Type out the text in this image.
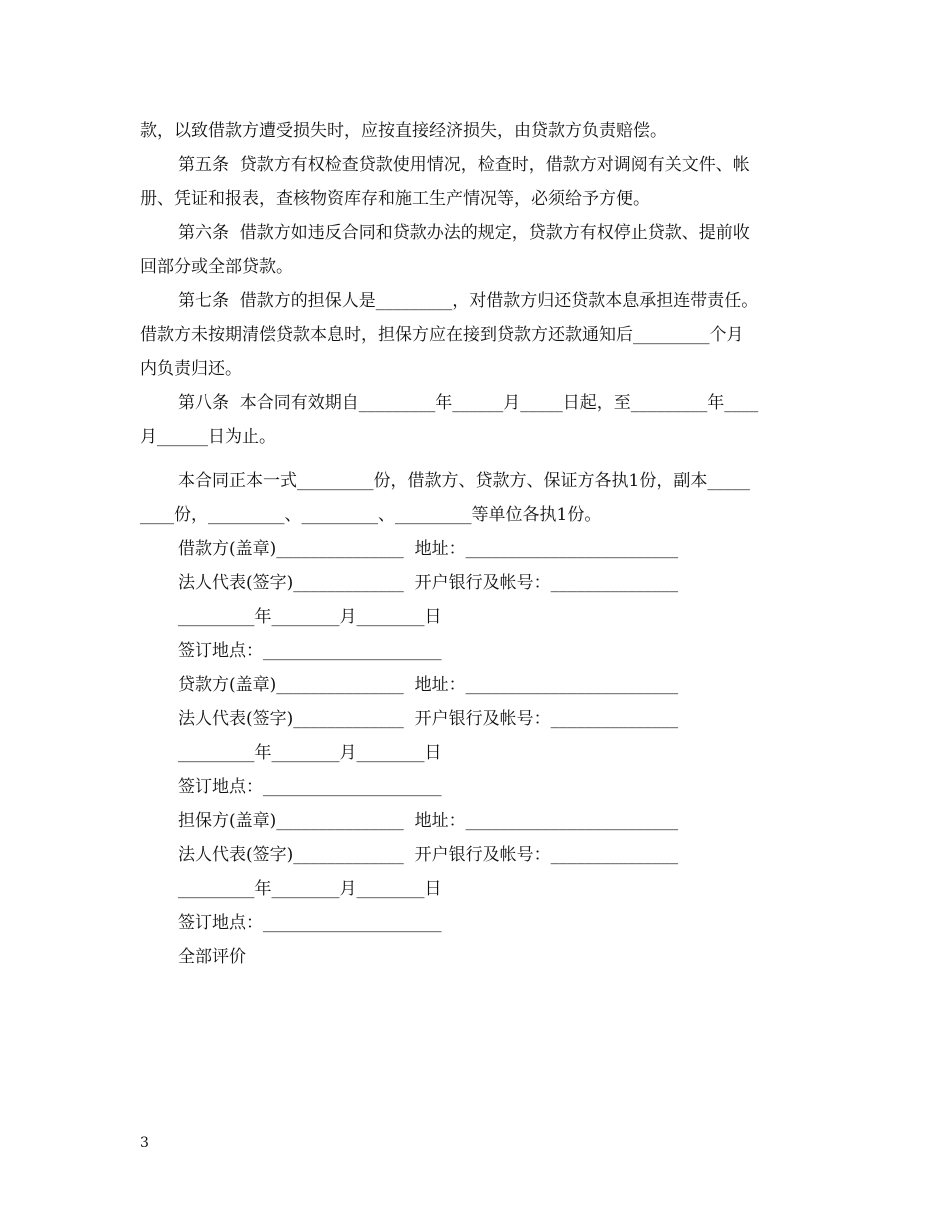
款，以致借款方遭受损失时，应按直接经济损失，由贷款方负责赔偿。
第五条  贷款方有权检查贷款使用情况，检查时，借款方对调阅有关文件、帐
册、凭证和报表，查核物资库存和施工生产情况等，必须给予方便。
第六条  借款方如违反合同和贷款办法的规定，贷款方有权停止贷款、提前收
回部分或全部贷款。
第七条  借款方的担保人是_________，对借款方归还贷款本息承担连带责任。
借款方未按期清偿贷款本息时，担保方应在接到贷款方还款通知后_________个月
内负责归还。
第八条  本合同有效期自_________年______月_____日起，至_________年____
月______日为止。
本合同正本一式_________份，借款方、贷款方、保证方各执1份，副本_____
____份，_________、_________、_________等单位各执1份。
借款方(盖章)_______________  地址：_________________________
法人代表(签字)_____________  开户银行及帐号：_______________
_________年________月________日
签订地点：_____________________
贷款方(盖章)_______________  地址：_________________________
法人代表(签字)_____________  开户银行及帐号：_______________
_________年________月________日
签订地点：_____________________
担保方(盖章)_______________  地址：_________________________
法人代表(签字)_____________  开户银行及帐号：_______________
_________年________月________日
签订地点：_____________________
全部评价
3
